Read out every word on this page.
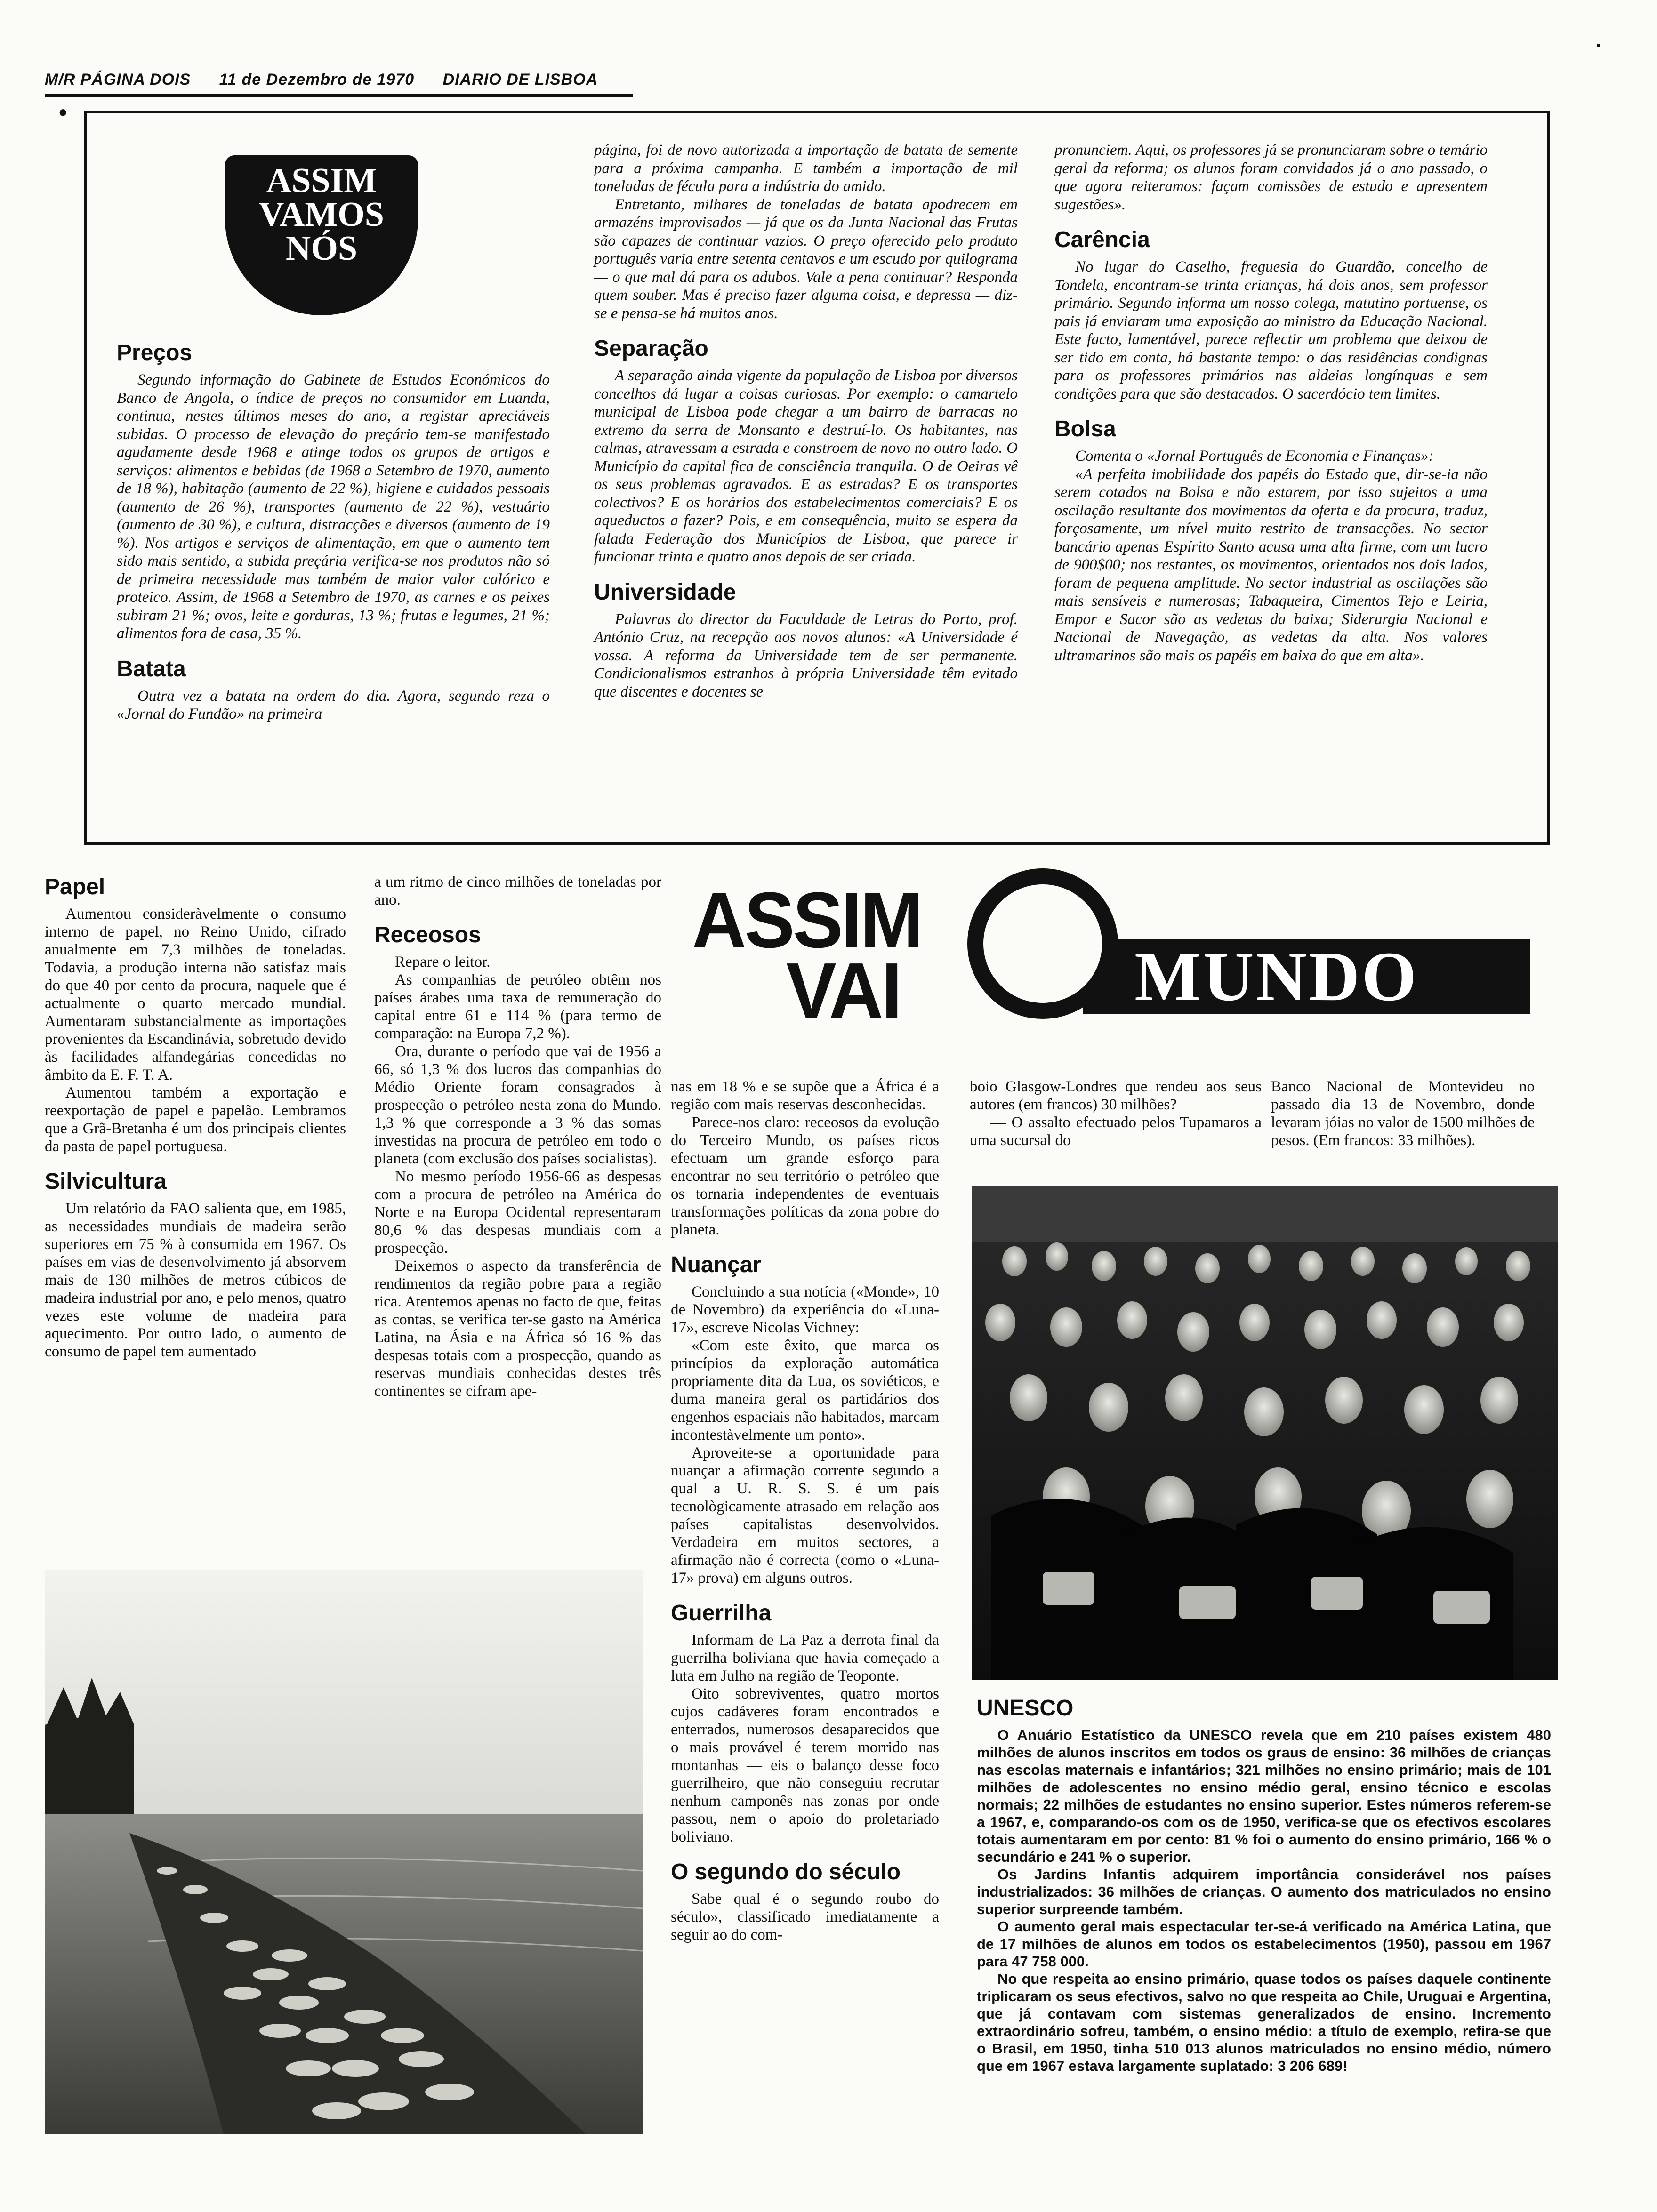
M/R PÁGINA DOIS 11 de Dezembro de 1970 DIARIO DE LISBOA
ASSIM
VAMOS
NÓS
Preços

Segundo informação do Gabinete de Estudos Económicos do Banco de Angola, o índice de preços no consumidor em Luanda, continua, nestes últimos meses do ano, a registar apreciáveis subidas. O processo de elevação do preçário tem-se manifestado agudamente desde 1968 e atinge todos os grupos de artigos e serviços: alimentos e bebidas (de 1968 a Setembro de 1970, aumento de 18 %), habitação (aumento de 22 %), higiene e cuidados pessoais (aumento de 26 %), transportes (aumento de 22 %), vestuário (aumento de 30 %), e cultura, distracções e diversos (aumento de 19 %). Nos artigos e serviços de alimentação, em que o aumento tem sido mais sentido, a subida preçária verifica-se nos produtos não só de primeira necessidade mas também de maior valor calórico e proteico. Assim, de 1968 a Setembro de 1970, as carnes e os peixes subiram 21 %; ovos, leite e gorduras, 13 %; frutas e legumes, 21 %; alimentos fora de casa, 35 %.

Batata

Outra vez a batata na ordem do dia. Agora, segundo reza o «Jornal do Fundão» na primeira

página, foi de novo autorizada a importação de batata de semente para a próxima campanha. E também a importação de mil toneladas de fécula para a indústria do amido.

Entretanto, milhares de toneladas de batata apodrecem em armazéns improvisados — já que os da Junta Nacional das Frutas são capazes de continuar vazios. O preço oferecido pelo produto português varia entre setenta centavos e um escudo por quilograma — o que mal dá para os adubos. Vale a pena continuar? Responda quem souber. Mas é preciso fazer alguma coisa, e depressa — diz-se e pensa-se há muitos anos.

Separação

A separação ainda vigente da população de Lisboa por diversos concelhos dá lugar a coisas curiosas. Por exemplo: o camartelo municipal de Lisboa pode chegar a um bairro de barracas no extremo da serra de Monsanto e destruí-lo. Os habitantes, nas calmas, atravessam a estrada e constroem de novo no outro lado. O Município da capital fica de consciência tranquila. O de Oeiras vê os seus problemas agravados. E as estradas? E os transportes colectivos? E os horários dos estabelecimentos comerciais? E os aqueductos a fazer? Pois, e em consequência, muito se espera da falada Federação dos Municípios de Lisboa, que parece ir funcionar trinta e quatro anos depois de ser criada.

Universidade

Palavras do director da Faculdade de Letras do Porto, prof. António Cruz, na recepção aos novos alunos: «A Universidade é vossa. A reforma da Universidade tem de ser permanente. Condicionalismos estranhos à própria Universidade têm evitado que discentes e docentes se

pronunciem. Aqui, os professores já se pronunciaram sobre o temário geral da reforma; os alunos foram convidados já o ano passado, o que agora reiteramos: façam comissões de estudo e apresentem sugestões».

Carência

No lugar do Caselho, freguesia do Guardão, concelho de Tondela, encontram-se trinta crianças, há dois anos, sem professor primário. Segundo informa um nosso colega, matutino portuense, os pais já enviaram uma exposição ao ministro da Educação Nacional. Este facto, lamentável, parece reflectir um problema que deixou de ser tido em conta, há bastante tempo: o das residências condignas para os professores primários nas aldeias longínquas e sem condições para que são destacados. O sacerdócio tem limites.

Bolsa

Comenta o «Jornal Português de Economia e Finanças»:

«A perfeita imobilidade dos papéis do Estado que, dir-se-ia não serem cotados na Bolsa e não estarem, por isso sujeitos a uma oscilação resultante dos movimentos da oferta e da procura, traduz, forçosamente, um nível muito restrito de transacções. No sector bancário apenas Espírito Santo acusa uma alta firme, com um lucro de 900$00; nos restantes, os movimentos, orientados nos dois lados, foram de pequena amplitude. No sector industrial as oscilações são mais sensíveis e numerosas; Tabaqueira, Cimentos Tejo e Leiria, Empor e Sacor são as vedetas da baixa; Siderurgia Nacional e Nacional de Navegação, as vedetas da alta. Nos valores ultramarinos são mais os papéis em baixa do que em alta».

ASSIM
VAI	MUNDO
Papel

Aumentou consideràvelmente o consumo interno de papel, no Reino Unido, cifrado anualmente em 7,3 milhões de toneladas. Todavia, a produção interna não satisfaz mais do que 40 por cento da procura, naquele que é actualmente o quarto mercado mundial. Aumentaram substancialmente as importações provenientes da Escandinávia, sobretudo devido às facilidades alfandegárias concedidas no âmbito da E. F. T. A.

Aumentou também a exportação e reexportação de papel e papelão. Lembramos que a Grã-Bretanha é um dos principais clientes da pasta de papel portuguesa.

Silvicultura

Um relatório da FAO salienta que, em 1985, as necessidades mundiais de madeira serão superiores em 75 % à consumida em 1967. Os países em vias de desenvolvimento já absorvem mais de 130 milhões de metros cúbicos de madeira industrial por ano, e pelo menos, quatro vezes este volume de madeira para aquecimento. Por outro lado, o aumento de consumo de papel tem aumentado

a um ritmo de cinco milhões de toneladas por ano.

Receosos

Repare o leitor.

As companhias de petróleo obtêm nos países árabes uma taxa de remuneração do capital entre 61 e 114 % (para termo de comparação: na Europa 7,2 %).

Ora, durante o período que vai de 1956 a 66, só 1,3 % dos lucros das companhias do Médio Oriente foram consagrados à prospecção o petróleo nesta zona do Mundo. 1,3 % que corresponde a 3 % das somas investidas na procura de petróleo em todo o planeta (com exclusão dos países socialistas).

No mesmo período 1956-66 as despesas com a procura de petróleo na América do Norte e na Europa Ocidental representaram 80,6 % das despesas mundiais com a prospecção.

Deixemos o aspecto da transferência de rendimentos da região pobre para a região rica. Atentemos apenas no facto de que, feitas as contas, se verifica ter-se gasto na América Latina, na Ásia e na África só 16 % das despesas totais com a prospecção, quando as reservas mundiais conhecidas destes três continentes se cifram ape-

nas em 18 % e se supõe que a África é a região com mais reservas desconhecidas.

Parece-nos claro: receosos da evolução do Terceiro Mundo, os países ricos efectuam um grande esforço para encontrar no seu território o petróleo que os tornaria independentes de eventuais transformações políticas da zona pobre do planeta.

Nuançar

Concluindo a sua notícia («Monde», 10 de Novembro) da experiência do «Luna-17», escreve Nicolas Vichney:

«Com este êxito, que marca os princípios da exploração automática propriamente dita da Lua, os soviéticos, e duma maneira geral os partidários dos engenhos espaciais não habitados, marcam incontestàvelmente um ponto».

Aproveite-se a oportunidade para nuançar a afirmação corrente segundo a qual a U. R. S. S. é um país tecnològicamente atrasado em relação aos países capitalistas desenvolvidos. Verdadeira em muitos sectores, a afirmação não é correcta (como o «Luna-17» prova) em alguns outros.

Guerrilha

Informam de La Paz a derrota final da guerrilha boliviana que havia começado a luta em Julho na região de Teoponte.

Oito sobreviventes, quatro mortos cujos cadáveres foram encontrados e enterrados, numerosos desaparecidos que o mais provável é terem morrido nas montanhas — eis o balanço desse foco guerrilheiro, que não conseguiu recrutar nenhum camponês nas zonas por onde passou, nem o apoio do proletariado boliviano.

O segundo do século

Sabe qual é o segundo roubo do século», classificado imediatamente a seguir ao do com-

boio Glasgow-Londres que rendeu aos seus autores (em francos) 30 milhões?

— O assalto efectuado pelos Tupamaros a uma sucursal do

Banco Nacional de Montevideu no passado dia 13 de Novembro, donde levaram jóias no valor de 1500 milhões de pesos. (Em francos: 33 milhões).

UNESCO

O Anuário Estatístico da UNESCO revela que em 210 países existem 480 milhões de alunos inscritos em todos os graus de ensino: 36 milhões de crianças nas escolas maternais e infantários; 321 milhões no ensino primário; mais de 101 milhões de adolescentes no ensino médio geral, ensino técnico e escolas normais; 22 milhões de estudantes no ensino superior. Estes números referem-se a 1967, e, comparando-os com os de 1950, verifica-se que os efectivos escolares totais aumentaram em por cento: 81 % foi o aumento do ensino primário, 166 % o secundário e 241 % o superior.

Os Jardins Infantis adquirem importância considerável nos países industrializados: 36 milhões de crianças. O aumento dos matriculados no ensino superior surpreende também.

O aumento geral mais espectacular ter-se-á verificado na América Latina, que de 17 milhões de alunos em todos os estabelecimentos (1950), passou em 1967 para 47 758 000.

No que respeita ao ensino primário, quase todos os países daquele continente triplicaram os seus efectivos, salvo no que respeita ao Chile, Uruguai e Argentina, que já contavam com sistemas generalizados de ensino. Incremento extraordinário sofreu, também, o ensino médio: a título de exemplo, refira-se que o Brasil, em 1950, tinha 510 013 alunos matriculados no ensino médio, número que em 1967 estava largamente suplatado: 3 206 689!

·
•
